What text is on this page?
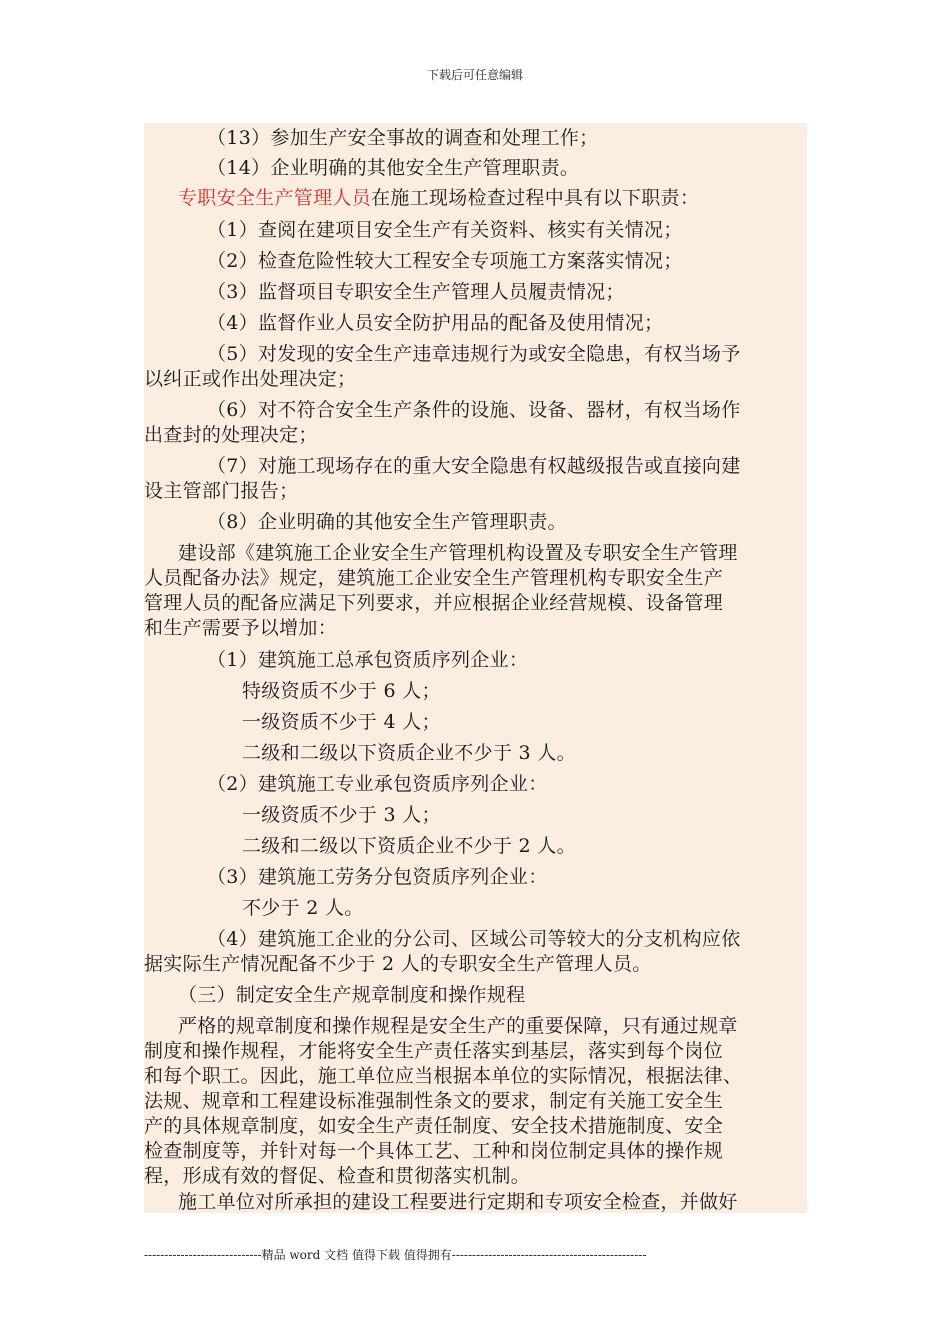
下载后可任意编辑
（13）参加生产安全事故的调查和处理工作；
（14）企业明确的其他安全生产管理职责。
专职安全生产管理人员在施工现场检查过程中具有以下职责：
（1）查阅在建项目安全生产有关资料、核实有关情况；
（2）检查危险性较大工程安全专项施工方案落实情况；
（3）监督项目专职安全生产管理人员履责情况；
（4）监督作业人员安全防护用品的配备及使用情况；
（5）对发现的安全生产违章违规行为或安全隐患，有权当场予
以纠正或作出处理决定；
（6）对不符合安全生产条件的设施、设备、器材，有权当场作
出查封的处理决定；
（7）对施工现场存在的重大安全隐患有权越级报告或直接向建
设主管部门报告；
（8）企业明确的其他安全生产管理职责。
建设部《建筑施工企业安全生产管理机构设置及专职安全生产管理
人员配备办法》规定，建筑施工企业安全生产管理机构专职安全生产
管理人员的配备应满足下列要求，并应根据企业经营规模、设备管理
和生产需要予以增加：
（1）建筑施工总承包资质序列企业：
特级资质不少于 6 人；
一级资质不少于 4 人；
二级和二级以下资质企业不少于 3 人。
（2）建筑施工专业承包资质序列企业：
一级资质不少于 3 人；
二级和二级以下资质企业不少于 2 人。
（3）建筑施工劳务分包资质序列企业：
不少于 2 人。
（4）建筑施工企业的分公司、区域公司等较大的分支机构应依
据实际生产情况配备不少于 2 人的专职安全生产管理人员。
（三）制定安全生产规章制度和操作规程
严格的规章制度和操作规程是安全生产的重要保障，只有通过规章
制度和操作规程，才能将安全生产责任落实到基层，落实到每个岗位
和每个职工。因此，施工单位应当根据本单位的实际情况，根据法律、
法规、规章和工程建设标准强制性条文的要求，制定有关施工安全生
产的具体规章制度，如安全生产责任制度、安全技术措施制度、安全
检查制度等，并针对每一个具体工艺、工种和岗位制定具体的操作规
程，形成有效的督促、检查和贯彻落实机制。
施工单位对所承担的建设工程要进行定期和专项安全检查，并做好
-----------------------------精品 word 文档 值得下载 值得拥有------------------------------------------------
